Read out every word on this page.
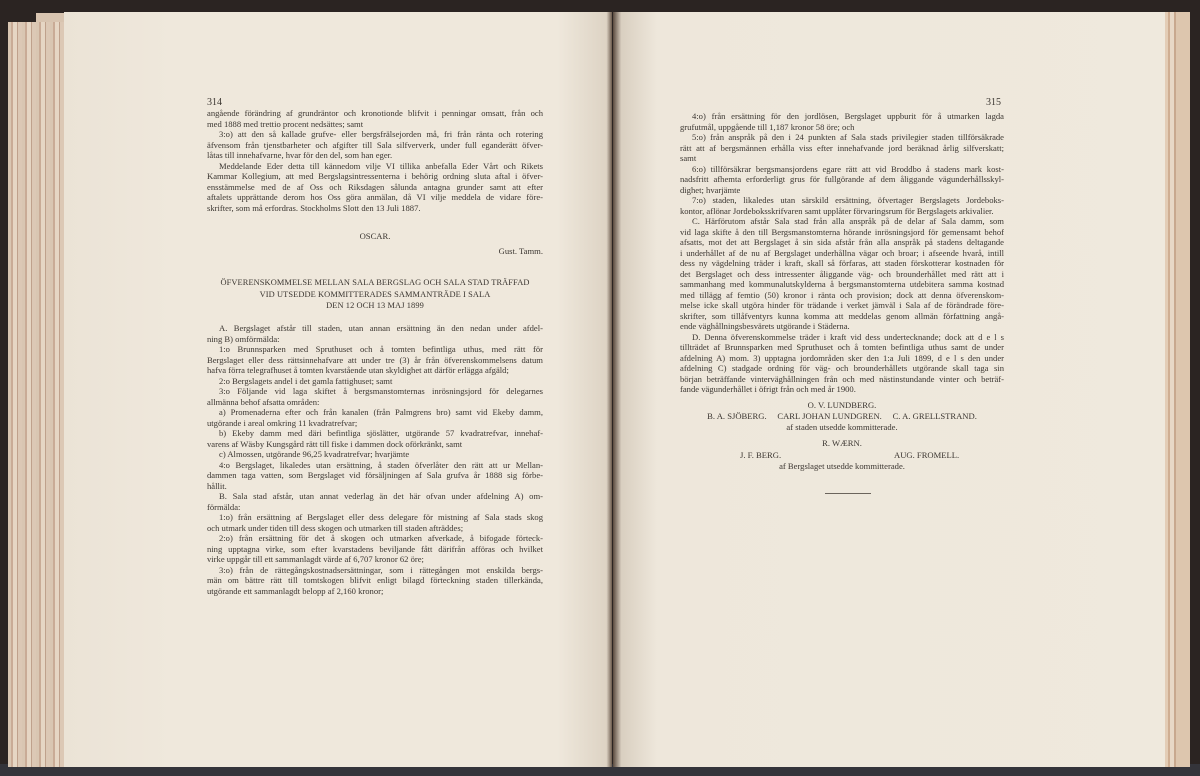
314	315
angående förändring af grundräntor och kronotionde blifvit i penningar omsatt, från och
med 1888 med trettio procent nedsättes; samt
3:o) att den så kallade grufve- eller bergsfrälsejorden må, fri från ränta och rotering
äfvensom från tjenstbarheter och afgifter till Sala silfververk, under full eganderätt öfver-
låtas till innehafvarne, hvar för den del, som han eger.
Meddelande Eder detta till kännedom vilje VI tillika anbefalla Eder Vårt och Rikets
Kammar Kollegium, att med Bergslagsintressenterna i behörig ordning sluta aftal i öfver-
ensstämmelse med de af Oss och Riksdagen sålunda antagna grunder samt att efter
aftalets upprättande derom hos Oss göra anmälan, då VI vilje meddela de vidare före-
skrifter, som må erfordras. Stockholms Slott den 13 Juli 1887.
OSCAR.
Gust. Tamm.
ÖFVERENSKOMMELSE MELLAN SALA BERGSLAG OCH SALA STAD TRÄFFAD
VID UTSEDDE KOMMITTERADES SAMMANTRÄDE I SALA
DEN 12 OCH 13 MAJ 1899
A. Bergslaget afstår till staden, utan annan ersättning än den nedan under afdel-
ning B) omförmälda:
1:o Brunnsparken med Spruthuset och å tomten befintliga uthus, med rätt för
Bergslaget eller dess rättsinnehafvare att under tre (3) år från öfverenskommelsens datum
hafva förra telegrafhuset å tomten kvarstående utan skyldighet att därför erlägga afgäld;
2:o Bergslagets andel i det gamla fattighuset; samt
3:o Följande vid laga skiftet å bergsmanstomternas inrösningsjord för delegarnes
allmänna behof afsatta områden:
a) Promenaderna efter och från kanalen (från Palmgrens bro) samt vid Ekeby damm,
utgörande i areal omkring 11 kvadratrefvar;
b) Ekeby damm med däri befintliga sjöslätter, utgörande 57 kvadratrefvar, innehaf-
varens af Wäsby Kungsgård rätt till fiske i dammen dock oförkränkt, samt
c) Almossen, utgörande 96,25 kvadratrefvar; hvarjämte
4:o Bergslaget, likaledes utan ersättning, å staden öfverlåter den rätt att ur Mellan-
dammen taga vatten, som Bergslaget vid försäljningen af Sala grufva år 1888 sig förbe-
hållit.
B. Sala stad afstår, utan annat vederlag än det här ofvan under afdelning A) om-
förmälda:
1:o) från ersättning af Bergslaget eller dess delegare för mistning af Sala stads skog
och utmark under tiden till dess skogen och utmarken till staden afträddes;
2:o) från ersättning för det å skogen och utmarken afverkade, å bifogade förteck-
ning upptagna virke, som efter kvarstadens beviljande fått därifrån afföras och hvilket
virke uppgår till ett sammanlagdt värde af 6,707 kronor 62 öre;
3:o) från de rättegångskostnadsersättningar, som i rättegången mot enskilda bergs-
män om bättre rätt till tomtskogen blifvit enligt bilagd förteckning staden tillerkända,
utgörande ett sammanlagdt belopp af 2,160 kronor;
4:o) från ersättning för den jordlösen, Bergslaget uppburit för å utmarken lagda
grufutmål, uppgående till 1,187 kronor 58 öre; och
5:o) från anspråk på den i 24 punkten af Sala stads privilegier staden tillförsäkrade
rätt att af bergsmännen erhålla viss efter innehafvande jord beräknad årlig silfverskatt;
samt
6:o) tillförsäkrar bergsmansjordens egare rätt att vid Broddbo å stadens mark kost-
nadsfritt afhemta erforderligt grus för fullgörande af dem åliggande vägunderhållsskyl-
dighet; hvarjämte
7:o) staden, likaledes utan särskild ersättning, öfvertager Bergslagets Jordeboks-
kontor, aflönar Jordeboksskrifvaren samt upplåter förvaringsrum för Bergslagets arkivalier.
C. Härförutom afstår Sala stad från alla anspråk på de delar af Sala damm, som
vid laga skifte å den till Bergsmanstomterna hörande inrösningsjord för gemensamt behof
afsatts, mot det att Bergslaget å sin sida afstår från alla anspråk på stadens deltagande
i underhållet af de nu af Bergslaget underhållna vägar och broar; i afseende hvarå, intill
dess ny vägdelning träder i kraft, skall så förfaras, att staden förskotterar kostnaden för
det Bergslaget och dess intressenter åliggande väg- och brounderhållet med rätt att i
sammanhang med kommunalutskylderna å bergsmanstomterna utdebitera samma kostnad
med tillägg af femtio (50) kronor i ränta och provision; dock att denna öfverenskom-
melse icke skall utgöra hinder för trädande i verket jämväl i Sala af de förändrade före-
skrifter, som tillåfventyrs kunna komma att meddelas genom allmän författning angå-
ende väghållningsbesvärets utgörande i Städerna.
D. Denna öfverenskommelse träder i kraft vid dess undertecknande; dock att d e l s
tillträdet af Brunnsparken med Spruthuset och å tomten befintliga uthus samt de under
afdelning A) mom. 3) upptagna jordområden sker den 1:a Juli 1899, d e l s den under
afdelning C) stadgade ordning för väg- och brounderhållets utgörande skall taga sin
början beträffande vinterväghållningen från och med nästinstundande vinter och beträf-
fande vägunderhållet i öfrigt från och med år 1900.
O. V. LUNDBERG.
B. A. SJÖBERG.     CARL JOHAN LUNDGREN.     C. A. GRELLSTRAND.
af staden utsedde kommitterade.
R. WÆRN.
J. F. BERG.	AUG. FROMELL.
af Bergslaget utsedde kommitterade.
